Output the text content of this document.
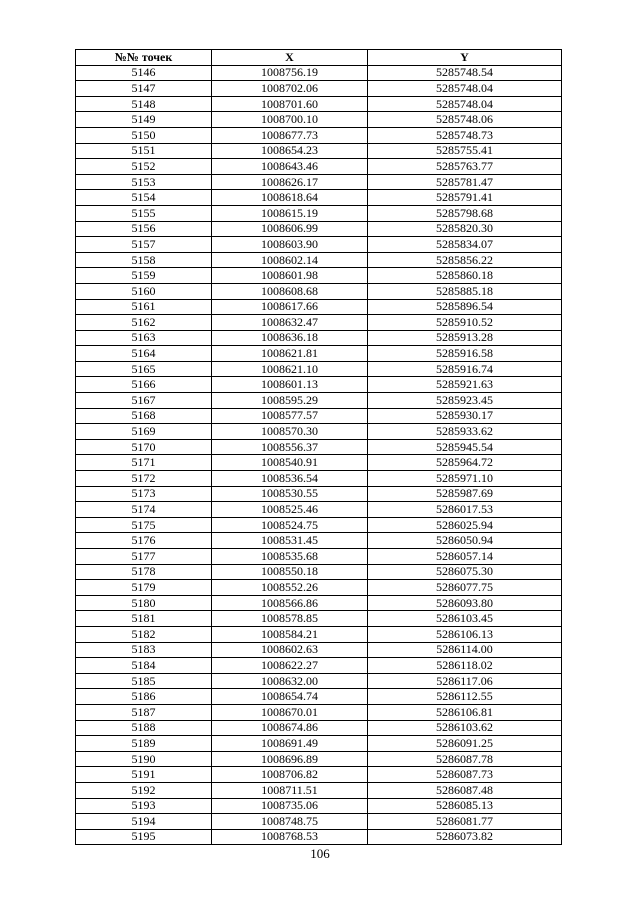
№№ точек	X	Y
5146	1008756.19	5285748.54
5147	1008702.06	5285748.04
5148	1008701.60	5285748.04
5149	1008700.10	5285748.06
5150	1008677.73	5285748.73
5151	1008654.23	5285755.41
5152	1008643.46	5285763.77
5153	1008626.17	5285781.47
5154	1008618.64	5285791.41
5155	1008615.19	5285798.68
5156	1008606.99	5285820.30
5157	1008603.90	5285834.07
5158	1008602.14	5285856.22
5159	1008601.98	5285860.18
5160	1008608.68	5285885.18
5161	1008617.66	5285896.54
5162	1008632.47	5285910.52
5163	1008636.18	5285913.28
5164	1008621.81	5285916.58
5165	1008621.10	5285916.74
5166	1008601.13	5285921.63
5167	1008595.29	5285923.45
5168	1008577.57	5285930.17
5169	1008570.30	5285933.62
5170	1008556.37	5285945.54
5171	1008540.91	5285964.72
5172	1008536.54	5285971.10
5173	1008530.55	5285987.69
5174	1008525.46	5286017.53
5175	1008524.75	5286025.94
5176	1008531.45	5286050.94
5177	1008535.68	5286057.14
5178	1008550.18	5286075.30
5179	1008552.26	5286077.75
5180	1008566.86	5286093.80
5181	1008578.85	5286103.45
5182	1008584.21	5286106.13
5183	1008602.63	5286114.00
5184	1008622.27	5286118.02
5185	1008632.00	5286117.06
5186	1008654.74	5286112.55
5187	1008670.01	5286106.81
5188	1008674.86	5286103.62
5189	1008691.49	5286091.25
5190	1008696.89	5286087.78
5191	1008706.82	5286087.73
5192	1008711.51	5286087.48
5193	1008735.06	5286085.13
5194	1008748.75	5286081.77
5195	1008768.53	5286073.82
106
